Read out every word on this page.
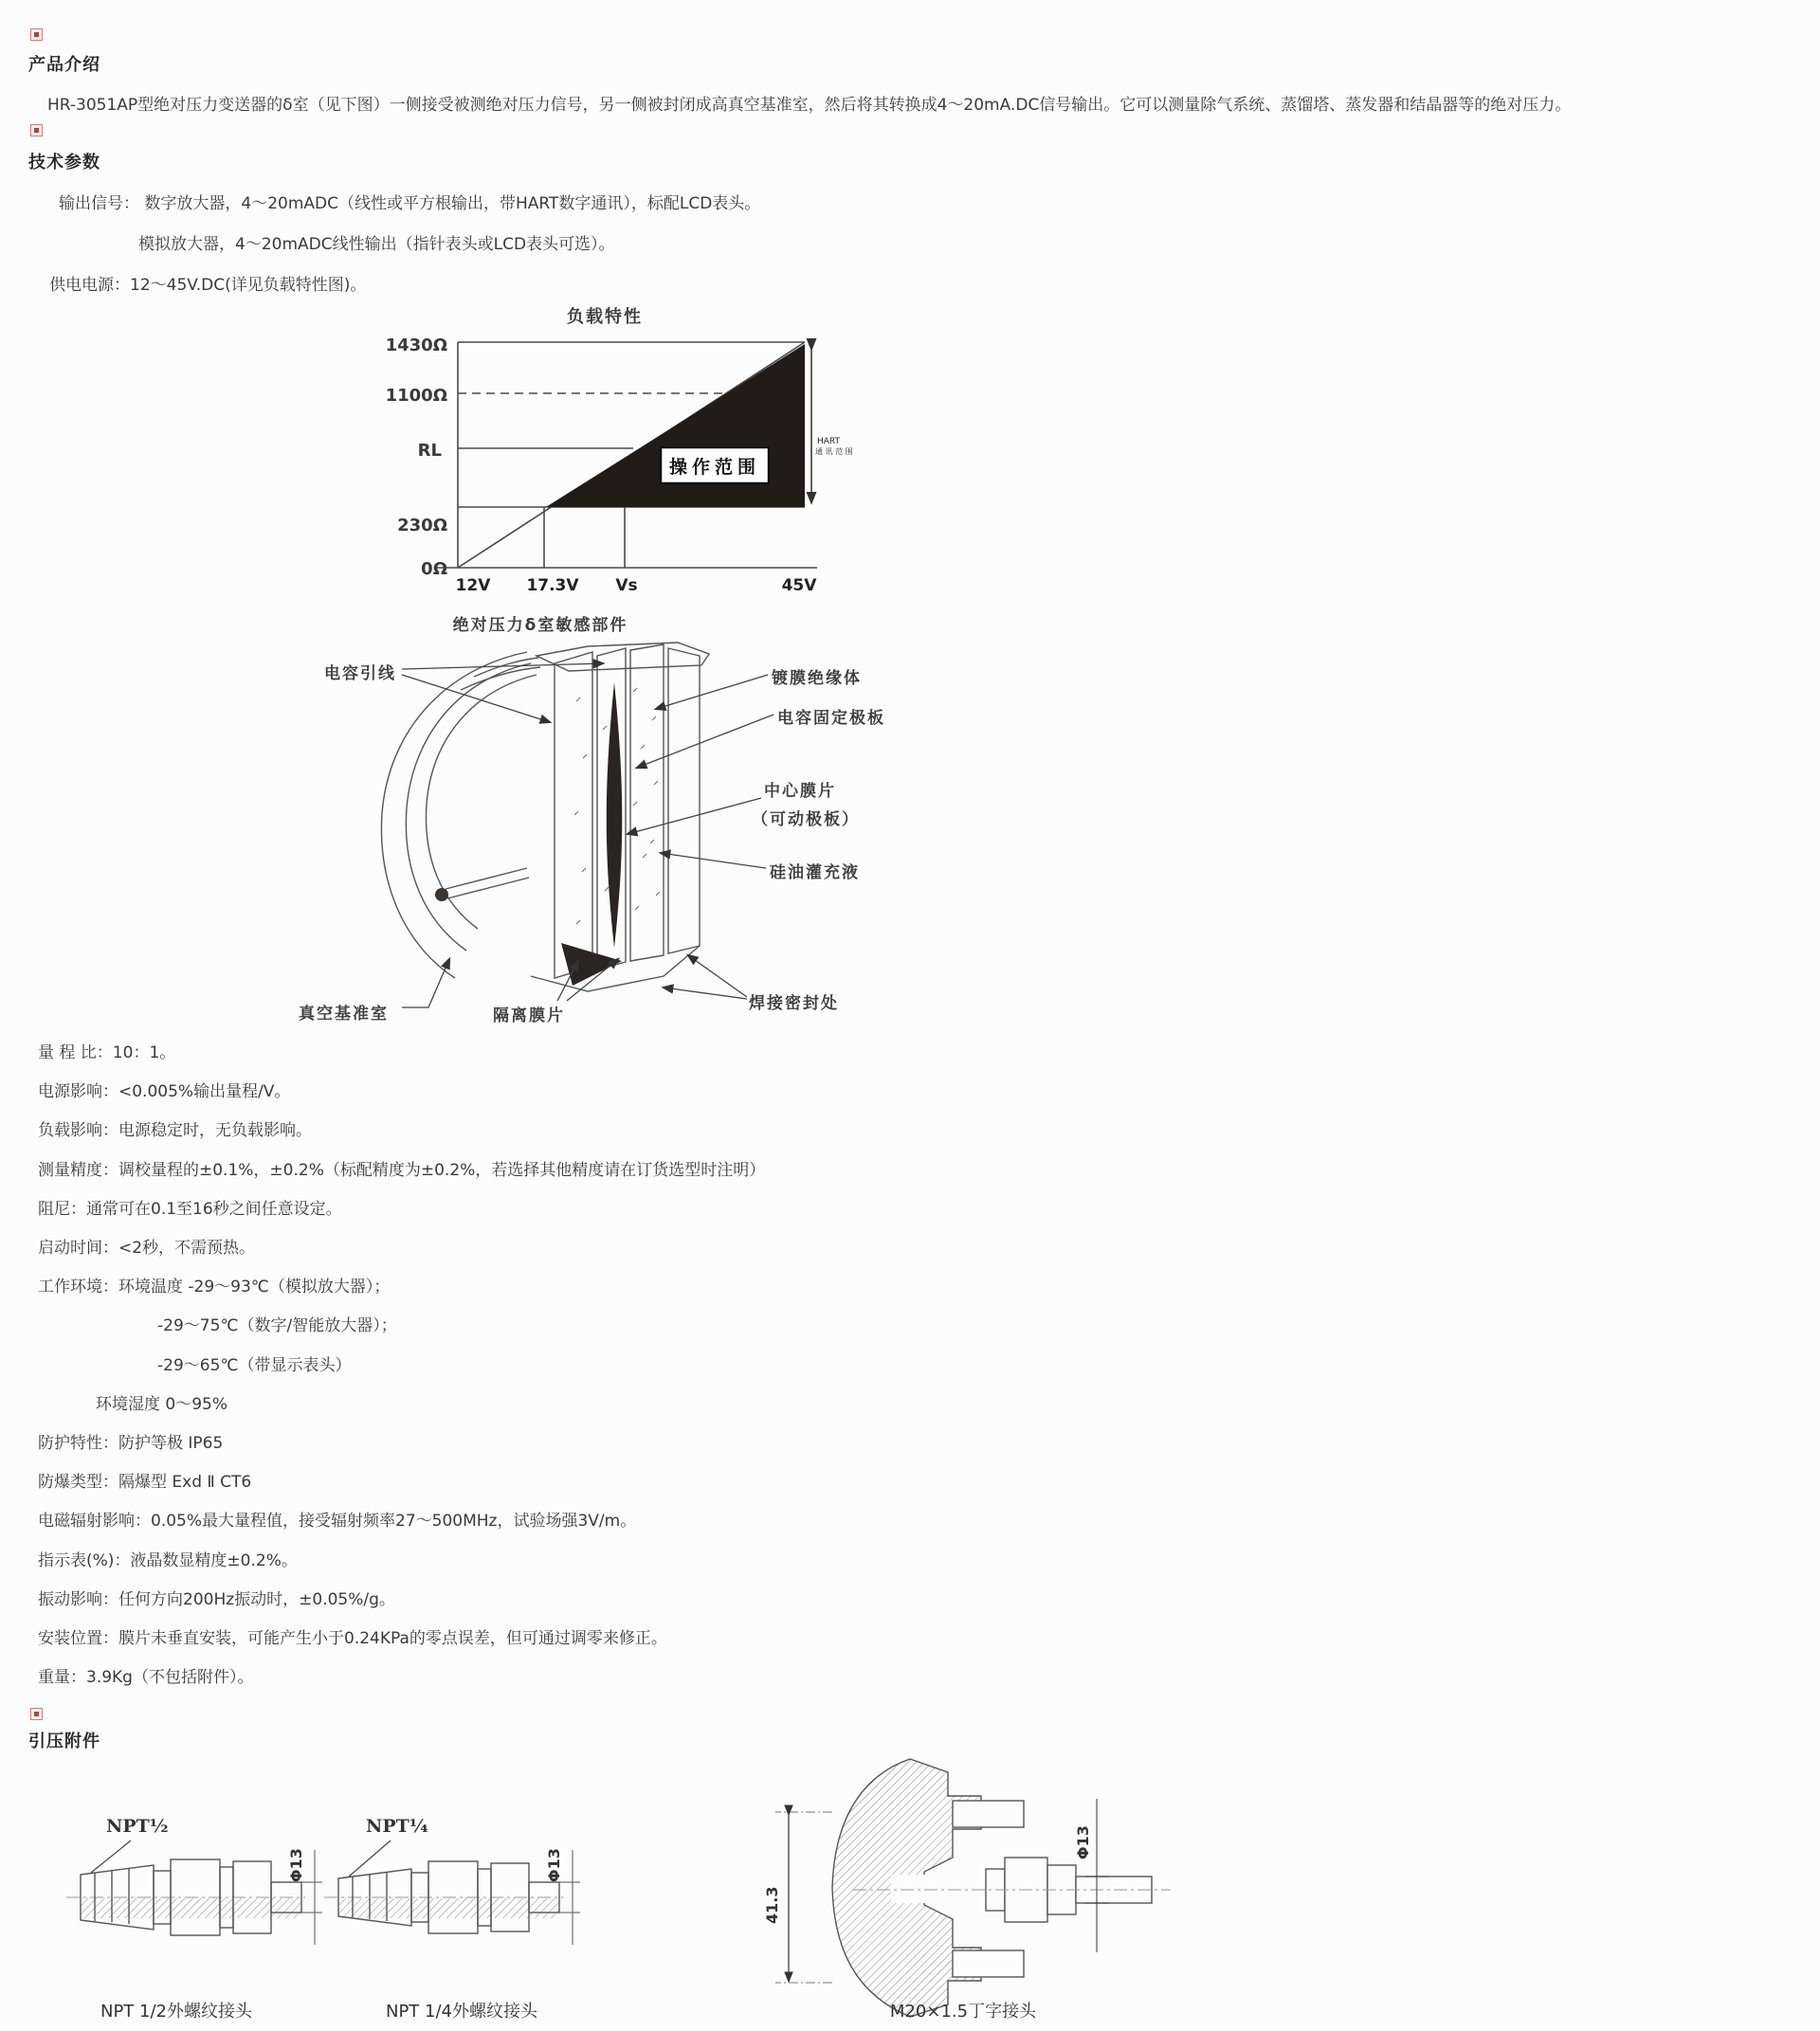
产品介绍
HR-3051AP型绝对压力变送器的δ室（见下图）一侧接受被测绝对压力信号，另一侧被封闭成高真空基准室，然后将其转换成4～20mA.DC信号输出。它可以测量除气系统、蒸馏塔、蒸发器和结晶器等的绝对压力。
技术参数
输出信号： 数字放大器，4～20mADC（线性或平方根输出，带HART数字通讯），标配LCD表头。
模拟放大器，4～20mADC线性输出（指针表头或LCD表头可选）。
供电电源：12～45V.DC(详见负载特性图)。
负载特性
操作范围
HART
通 讯 范 围
1430Ω
1100Ω
RL
230Ω
0Ω
12V 17.3V Vs	45V
绝对压力δ室敏感部件
电容引线	镀膜绝缘体
电容固定极板
中心膜片
（可动极板）
硅油灌充液
真空基准室	隔离膜片
焊接密封处
量 程 比：10：1。
电源影响：<0.005%输出量程/V。
负载影响：电源稳定时，无负载影响。
测量精度：调校量程的±0.1%，±0.2%（标配精度为±0.2%，若选择其他精度请在订货选型时注明）
阻尼：通常可在0.1至16秒之间任意设定。
启动时间：<2秒，不需预热。
工作环境：环境温度 -29～93℃（模拟放大器）；
-29～75℃（数字/智能放大器）；
-29～65℃（带显示表头）
环境湿度 0～95%
防护特性：防护等极 IP65
防爆类型：隔爆型 Exd Ⅱ CT6
电磁辐射影响：0.05%最大量程值，接受辐射频率27～500MHz，试验场强3V/m。
指示表(%)：液晶数显精度±0.2%。
振动影响：任何方向200Hz振动时，±0.05%/g。
安装位置：膜片未垂直安装，可能产生小于0.24KPa的零点误差，但可通过调零来修正。
重量：3.9Kg（不包括附件）。
引压附件
Φ13	Φ13
41.3
Φ13
NPT½	NPT¼
NPT 1/2外螺纹接头	NPT 1/4外螺纹接头	M20×1.5丁字接头
